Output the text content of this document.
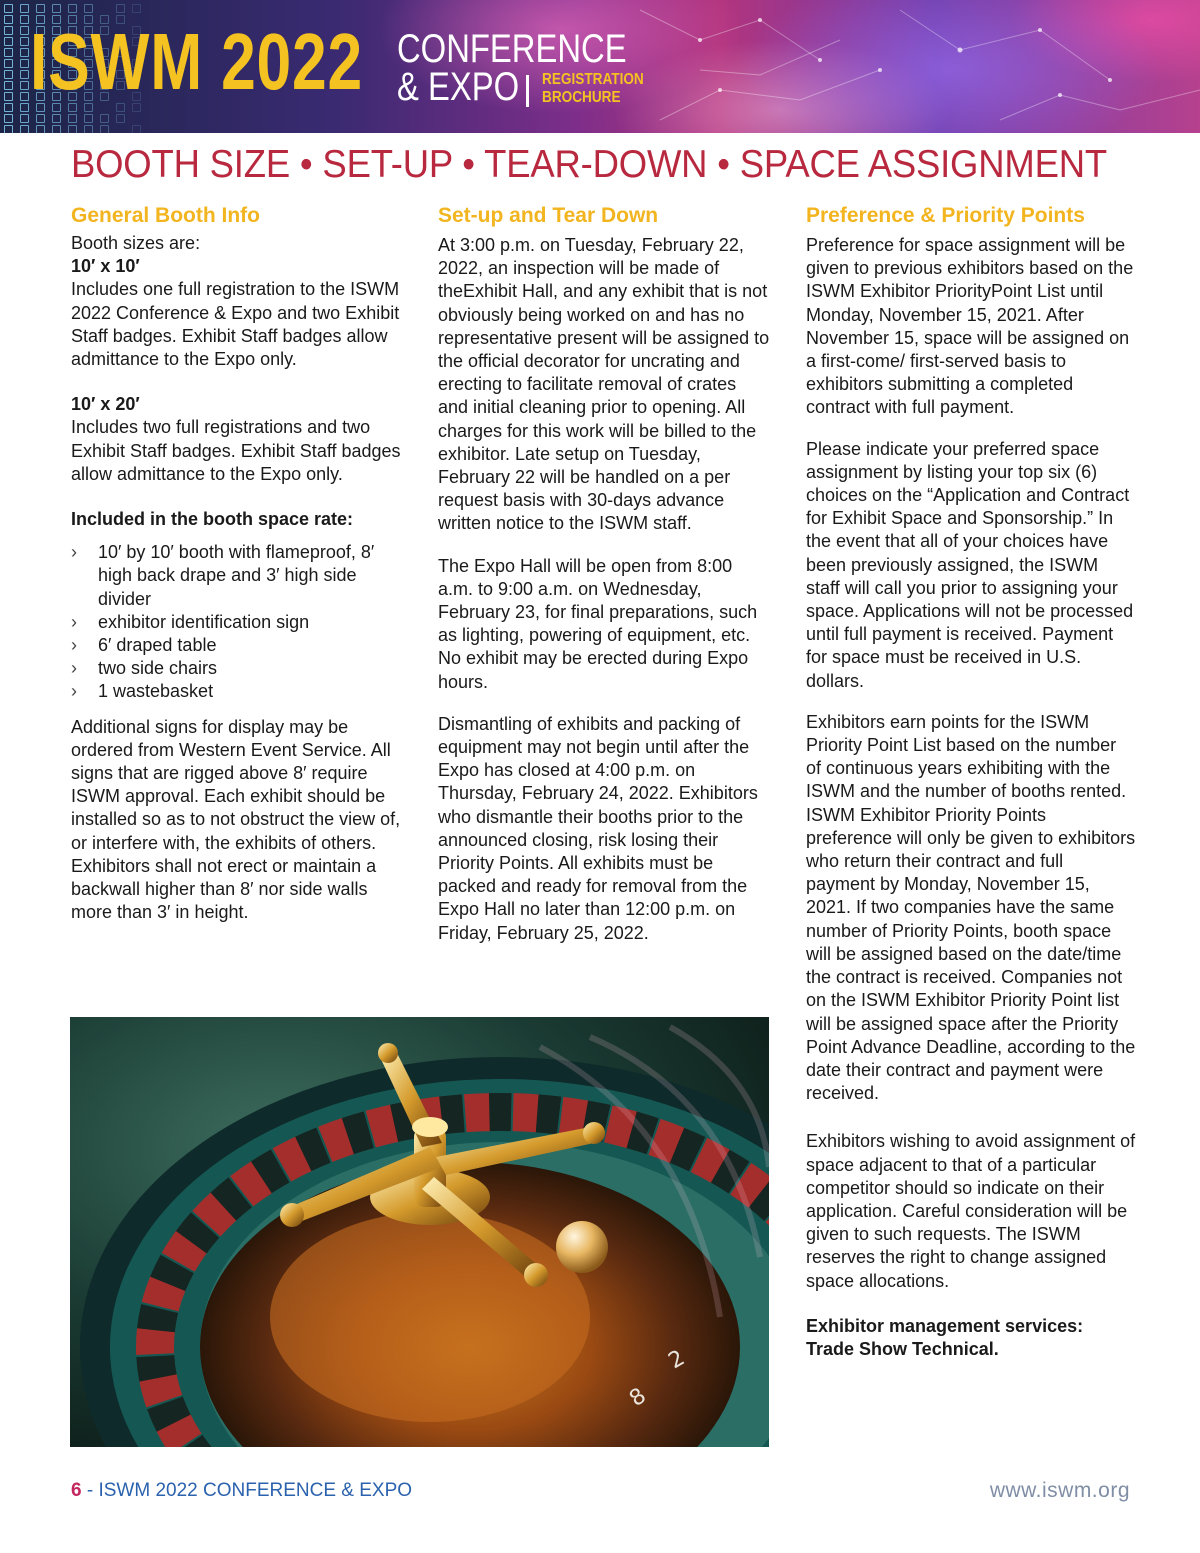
ISWM 2022 CONFERENCE
& EXPO	REGISTRATION
BROCHURE
BOOTH SIZE • SET-UP • TEAR-DOWN • SPACE ASSIGNMENT
General Booth Info

Booth sizes are:

10′ x 10′

Includes one full registration to the ISWM 2022 Conference & Expo and two Exhibit Staff badges. Exhibit Staff badges allow admittance to the Expo only.

10′ x 20′

Includes two full registrations and two Exhibit Staff badges. Exhibit Staff badges allow admittance to the Expo only.

Included in the booth space rate:

› 10′ by 10′ booth with flameproof, 8′ high back drape and 3′ high side divider
› exhibitor identification sign
› 6′ draped table
› two side chairs
› 1 wastebasket

Additional signs for display may be ordered from Western Event Service. All signs that are rigged above 8′ require ISWM approval. Each exhibit should be installed so as to not obstruct the view of, or interfere with, the exhibits of others. Exhibitors shall not erect or maintain a backwall higher than 8′ nor side walls more than 3′ in height.

Set-up and Tear Down

At 3:00 p.m. on Tuesday, February 22, 2022, an inspection will be made of theExhibit Hall, and any exhibit that is not obviously being worked on and has no representative present will be assigned to the official decorator for uncrating and erecting to facilitate removal of crates and initial cleaning prior to opening. All charges for this work will be billed to the exhibitor. Late setup on Tuesday, February 22 will be handled on a per request basis with 30-days advance written notice to the ISWM staff.

The Expo Hall will be open from 8:00 a.m. to 9:00 a.m. on Wednesday, February 23, for final preparations, such as lighting, powering of equipment, etc. No exhibit may be erected during Expo hours.

Dismantling of exhibits and packing of equipment may not begin until after the Expo has closed at 4:00 p.m. on Thursday, February 24, 2022. Exhibitors who dismantle their booths prior to the announced closing, risk losing their Priority Points. All exhibits must be packed and ready for removal from the Expo Hall no later than 12:00 p.m. on Friday, February 25, 2022.

Preference & Priority Points

Preference for space assignment will be given to previous exhibitors based on the ISWM Exhibitor PriorityPoint List until Monday, November 15, 2021. After November 15, space will be assigned on a first-come/ first-served basis to exhibitors submitting a completed contract with full payment.

Please indicate your preferred space assignment by listing your top six (6) choices on the “Application and Contract for Exhibit Space and Sponsorship.” In the event that all of your choices have been previously assigned, the ISWM staff will call you prior to assigning your space. Applications will not be processed until full payment is received. Payment for space must be received in U.S. dollars.

Exhibitors earn points for the ISWM Priority Point List based on the number of continuous years exhibiting with the ISWM and the number of booths rented. ISWM Exhibitor Priority Points preference will only be given to exhibitors who return their contract and full payment by Monday, November 15, 2021. If two companies have the same number of Priority Points, booth space will be assigned based on the date/time the contract is received. Companies not on the ISWM Exhibitor Priority Point list will be assigned space after the Priority Point Advance Deadline, according to the date their contract and payment were received.

Exhibitors wishing to avoid assignment of space adjacent to that of a particular competitor should so indicate on their application. Careful consideration will be given to such requests. The ISWM reserves the right to change assigned space allocations.

Exhibitor management services:

Trade Show Technical.

2
8
6 - ISWM 2022 CONFERENCE & EXPO	www.iswm.org
